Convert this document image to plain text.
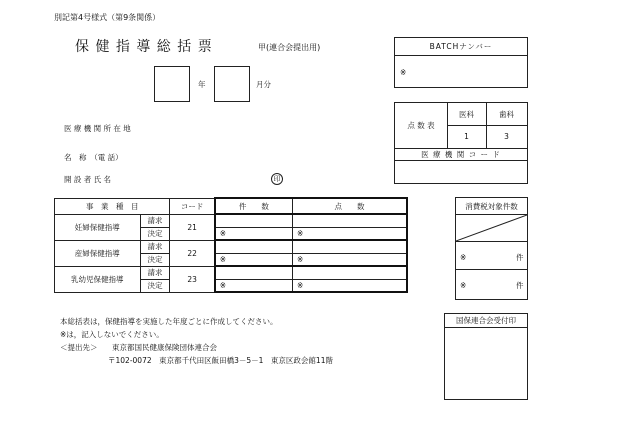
別記第4号様式（第9条関係）
保 健 指 導 総 括 票	甲(連合会提出用)
年	月分
BATCHナンバー
※
点 数 表
医科	歯科
1	3
医 療 機 関 コ ー ド
医 療 機 関 所 在 地
名　称　（電 話）
開 設 者 氏 名	印
事　業　種　目		コード	件　　数	点　　数
妊婦保健指導	請求	21		
	決定		※	※
産婦保健指導	請求	22		
	決定		※	※
乳幼児保健指導	請求	23		
	決定		※	※
消費税対象件数
※	件
※	件
本総括表は，保健指導を実施した年度ごとに作成してください。
※は，記入しないでください。
＜提出先＞ 東京都国民健康保険団体連合会
〒102-0072　東京都千代田区飯田橋3－5－1　東京区政会館11階
国保連合会受付印
